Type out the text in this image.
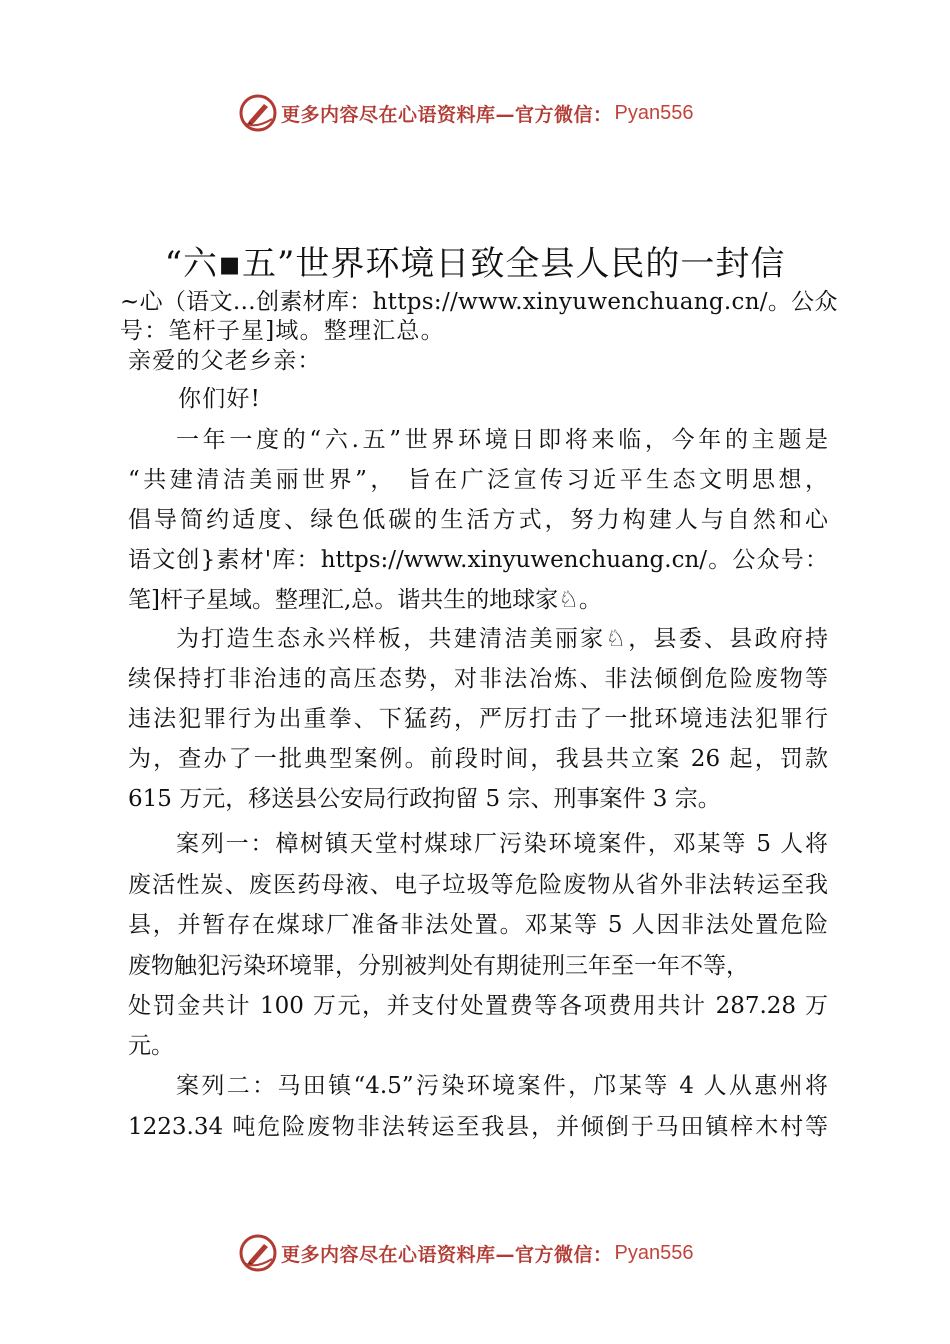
更多内容尽在心语资料库—官方微信： Pyan556
“六▪五”世界环境日致全县人民的一封信
~心（语文…创素材库：https://www.xinyuwenchuang.cn/。公众
号：笔杆子星]域。整理汇总。
亲爱的父老乡亲：
你们好!
一年一度的“六.五”世界环境日即将来临，今年的主题是
“共建清洁美丽世界”， 旨在广泛宣传习近平生态文明思想，
倡导简约适度、绿色低碳的生活方式，努力构建人与自然和心
语文创}素材'库：https://www.xinyuwenchuang.cn/。公众号：
笔]杆子星域。整理汇,总。谐共生的地球家♘。
为打造生态永兴样板，共建清洁美丽家♘，县委、县政府持
续保持打非治违的高压态势，对非法冶炼、非法倾倒危险废物等
违法犯罪行为出重拳、下猛药，严厉打击了一批环境违法犯罪行
为，查办了一批典型案例。前段时间，我县共立案 26 起，罚款
615 万元，移送县公安局行政拘留 5 宗、刑事案件 3 宗。
案列一：樟树镇天堂村煤球厂污染环境案件，邓某等 5 人将
废活性炭、废医药母液、电子垃圾等危险废物从省外非法转运至我
县，并暂存在煤球厂准备非法处置。邓某等 5 人因非法处置危险
废物触犯污染环境罪，分别被判处有期徒刑三年至一年不等，
处罚金共计 100 万元，并支付处置费等各项费用共计 287.28 万
元。
案列二：马田镇“4.5”污染环境案件，邝某等 4 人从惠州将
1223.34 吨危险废物非法转运至我县，并倾倒于马田镇梓木村等
更多内容尽在心语资料库—官方微信： Pyan556
